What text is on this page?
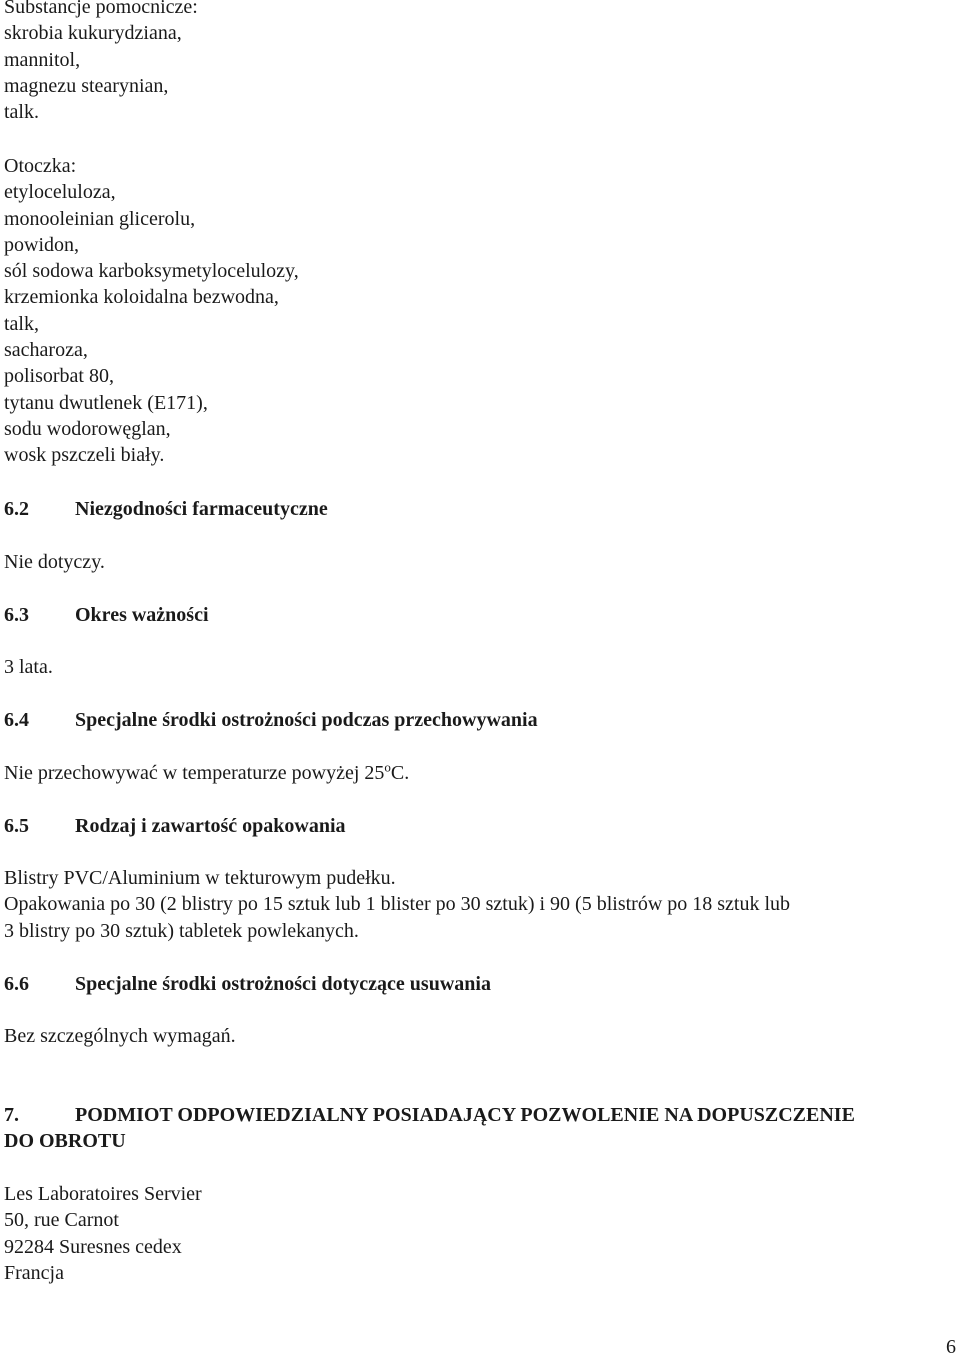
Substancje pomocnicze:
skrobia kukurydziana,
mannitol,
magnezu stearynian,
talk.
Otoczka:
etyloceluloza,
monooleinian glicerolu,
powidon,
sól sodowa karboksymetylocelulozy,
krzemionka koloidalna bezwodna,
talk,
sacharoza,
polisorbat 80,
tytanu dwutlenek (E171),
sodu wodorowęglan,
wosk pszczeli biały.
6.2 Niezgodności farmaceutyczne
Nie dotyczy.
6.3 Okres ważności
3 lata.
6.4 Specjalne środki ostrożności podczas przechowywania
Nie przechowywać w temperaturze powyżej 25$^o$C.
6.5 Rodzaj i zawartość opakowania
Blistry PVC/Aluminium w tekturowym pudełku.
Opakowania po 30 (2 blistry po 15 sztuk lub 1 blister po 30 sztuk) i 90 (5 blistrów po 18 sztuk lub
3 blistry po 30 sztuk) tabletek powlekanych.
6.6 Specjalne środki ostrożności dotyczące usuwania
Bez szczególnych wymagań.
7.	PODMIOT ODPOWIEDZIALNY POSIADAJĄCY POZWOLENIE NA DOPUSZCZENIE
DO OBROTU
Les Laboratoires Servier
50, rue Carnot
92284 Suresnes cedex
Francja
6
